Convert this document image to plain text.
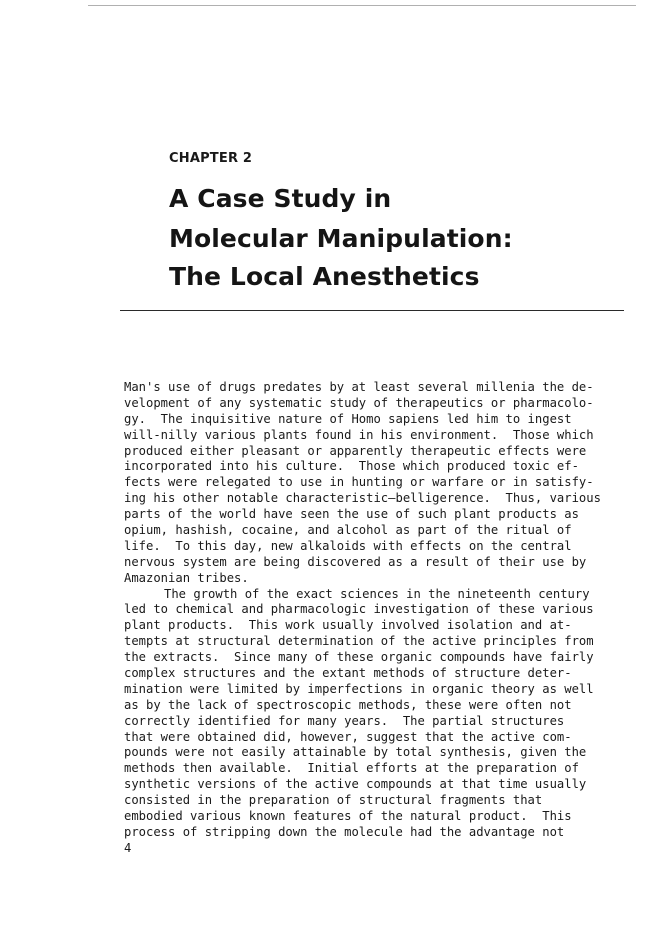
CHAPTER 2
A Case Study in
Molecular Manipulation:
The Local Anesthetics
Man's use of drugs predates by at least several millenia the de-
velopment of any systematic study of therapeutics or pharmacolo-
gy.  The inquisitive nature of Homo sapiens led him to ingest
will-nilly various plants found in his environment.  Those which
produced either pleasant or apparently therapeutic effects were
incorporated into his culture.  Those which produced toxic ef-
fects were relegated to use in hunting or warfare or in satisfy-
ing his other notable characteristic—belligerence.  Thus, various
parts of the world have seen the use of such plant products as
opium, hashish, cocaine, and alcohol as part of the ritual of
life.  To this day, new alkaloids with effects on the central
nervous system are being discovered as a result of their use by
Amazonian tribes.
The growth of the exact sciences in the nineteenth century
led to chemical and pharmacologic investigation of these various
plant products.  This work usually involved isolation and at-
tempts at structural determination of the active principles from
the extracts.  Since many of these organic compounds have fairly
complex structures and the extant methods of structure deter-
mination were limited by imperfections in organic theory as well
as by the lack of spectroscopic methods, these were often not
correctly identified for many years.  The partial structures
that were obtained did, however, suggest that the active com-
pounds were not easily attainable by total synthesis, given the
methods then available.  Initial efforts at the preparation of
synthetic versions of the active compounds at that time usually
consisted in the preparation of structural fragments that
embodied various known features of the natural product.  This
process of stripping down the molecule had the advantage not
4
